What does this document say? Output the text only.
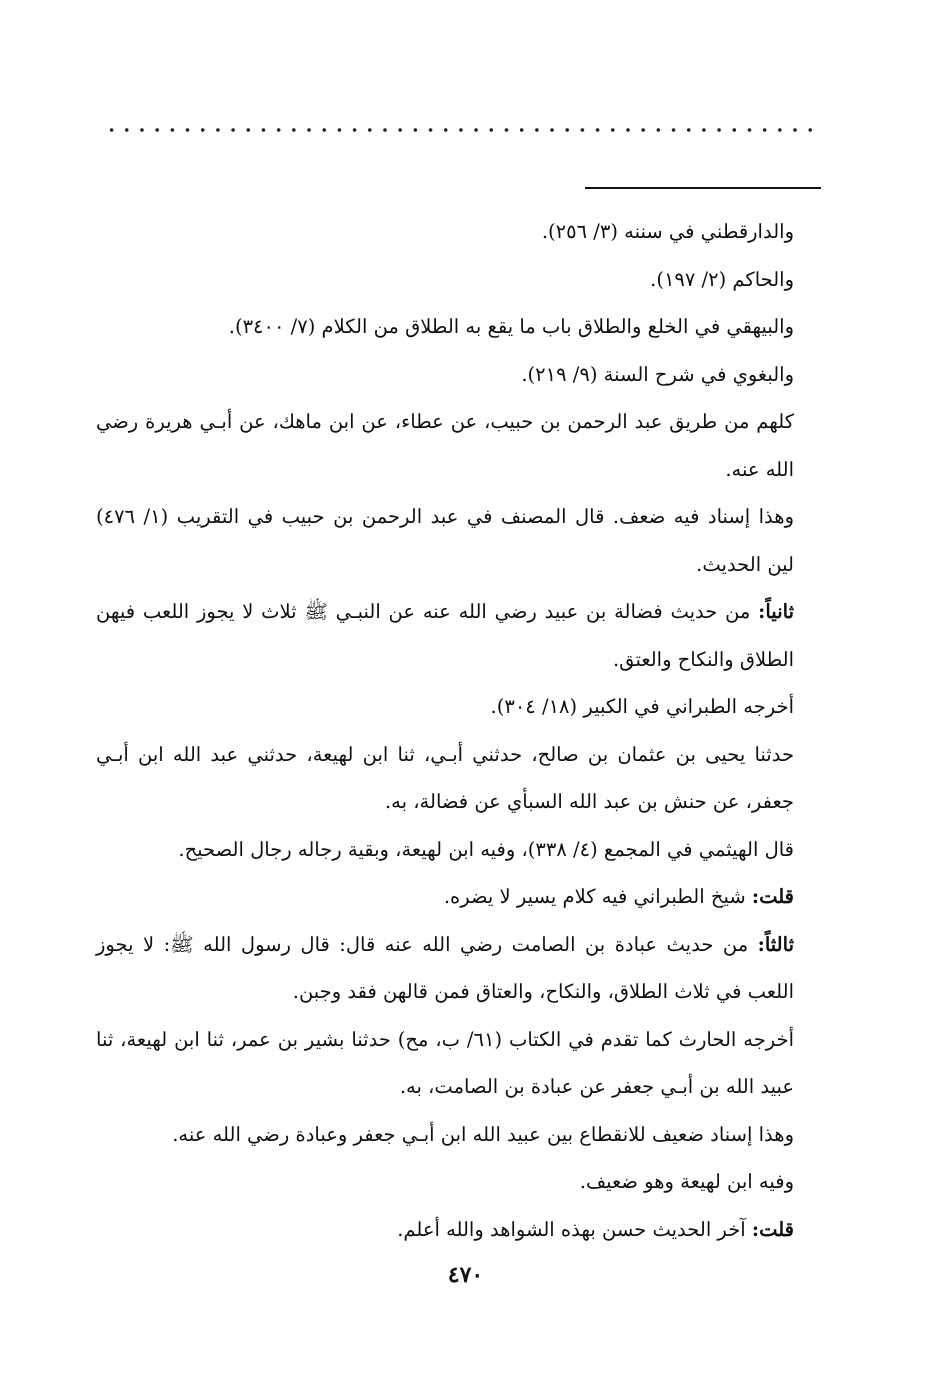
والدارقطني في سننه (٣/ ٢٥٦).

والحاكم (٢/ ١٩٧).

والبيهقي في الخلع والطلاق باب ما يقع به الطلاق من الكلام (٧/ ٣٤٠٠).

والبغوي في شرح السنة (٩/ ٢١٩).

كلهم من طريق عبد الرحمن بن حبيب، عن عطاء، عن ابن ماهك، عن أبـي هريرة رضي الله عنه.

وهذا إسناد فيه ضعف. قال المصنف في عبد الرحمن بن حبيب في التقريب (١/ ٤٧٦) لين الحديث.

ثانياً: من حديث فضالة بن عبيد رضي الله عنه عن النبـي ﷺ ثلاث لا يجوز اللعب فيهن الطلاق والنكاح والعتق.

أخرجه الطبراني في الكبير (١٨/ ٣٠٤).

حدثنا يحيى بن عثمان بن صالح، حدثني أبـي، ثنا ابن لهيعة، حدثني عبد الله ابن أبـي جعفر، عن حنش بن عبد الله السبأي عن فضالة، به.

قال الهيثمي في المجمع (٤/ ٣٣٨)، وفيه ابن لهيعة، وبقية رجاله رجال الصحيح.

قلت: شيخ الطبراني فيه كلام يسير لا يضره.

ثالثاً: من حديث عبادة بن الصامت رضي الله عنه قال: قال رسول الله ﷺ: لا يجوز اللعب في ثلاث الطلاق، والنكاح، والعتاق فمن قالهن فقد وجبن.

أخرجه الحارث كما تقدم في الكتاب (٦١/ ب، مح) حدثنا بشير بن عمر، ثنا ابن لهيعة، ثنا عبيد الله بن أبـي جعفر عن عبادة بن الصامت، به.

وهذا إسناد ضعيف للانقطاع بين عبيد الله ابن أبـي جعفر وعبادة رضي الله عنه.

وفيه ابن لهيعة وهو ضعيف.

قلت: آخر الحديث حسن بهذه الشواهد والله أعلم.

٤٧٠
